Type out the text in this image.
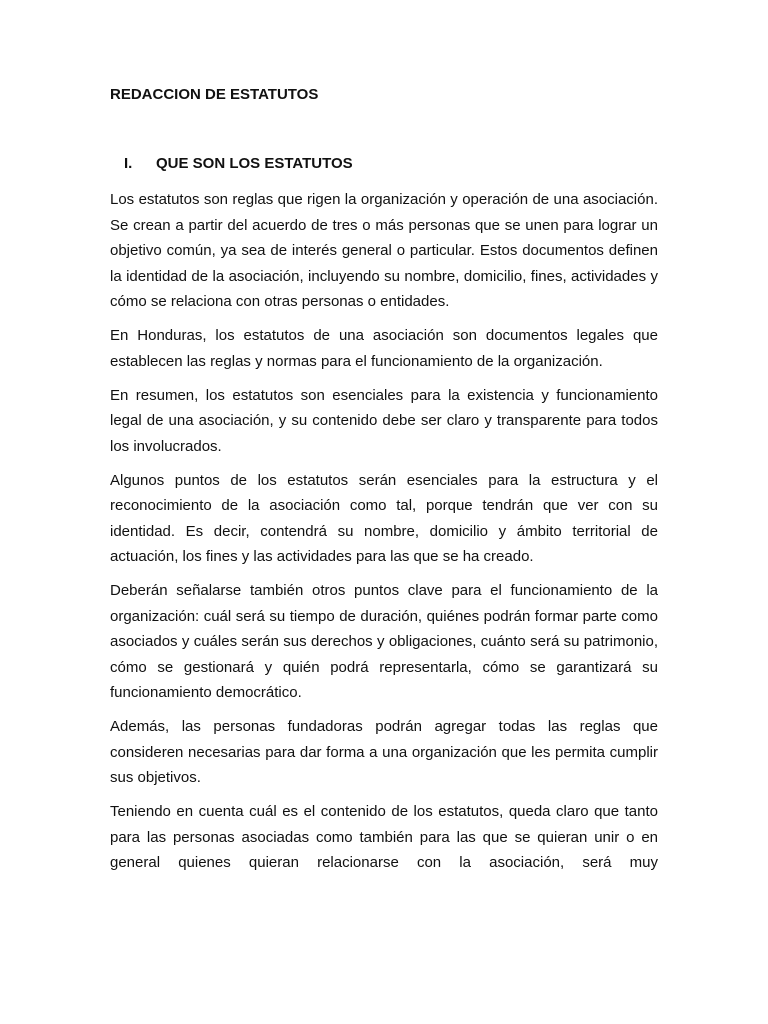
REDACCION DE ESTATUTOS
I.	QUE SON LOS ESTATUTOS

Los estatutos son reglas que rigen la organización y operación de una asociación. Se crean a partir del acuerdo de tres o más personas que se unen para lograr un objetivo común, ya sea de interés general o particular. Estos documentos definen la identidad de la asociación, incluyendo su nombre, domicilio, fines, actividades y cómo se relaciona con otras personas o entidades.

En Honduras, los estatutos de una asociación son documentos legales que establecen las reglas y normas para el funcionamiento de la organización.

En resumen, los estatutos son esenciales para la existencia y funcionamiento legal de una asociación, y su contenido debe ser claro y transparente para todos los involucrados.

Algunos puntos de los estatutos serán esenciales para la estructura y el reconocimiento de la asociación como tal, porque tendrán que ver con su identidad. Es decir, contendrá su nombre, domicilio y ámbito territorial de actuación, los fines y las actividades para las que se ha creado.

Deberán señalarse también otros puntos clave para el funcionamiento de la organización: cuál será su tiempo de duración, quiénes podrán formar parte como asociados y cuáles serán sus derechos y obligaciones, cuánto será su patrimonio, cómo se gestionará y quién podrá representarla, cómo se garantizará su funcionamiento democrático.

Además, las personas fundadoras podrán agregar todas las reglas que consideren necesarias para dar forma a una organización que les permita cumplir sus objetivos.

Teniendo en cuenta cuál es el contenido de los estatutos, queda claro que tanto para las personas asociadas como también para las que se quieran unir o en general quienes quieran relacionarse con la asociación, será muy
